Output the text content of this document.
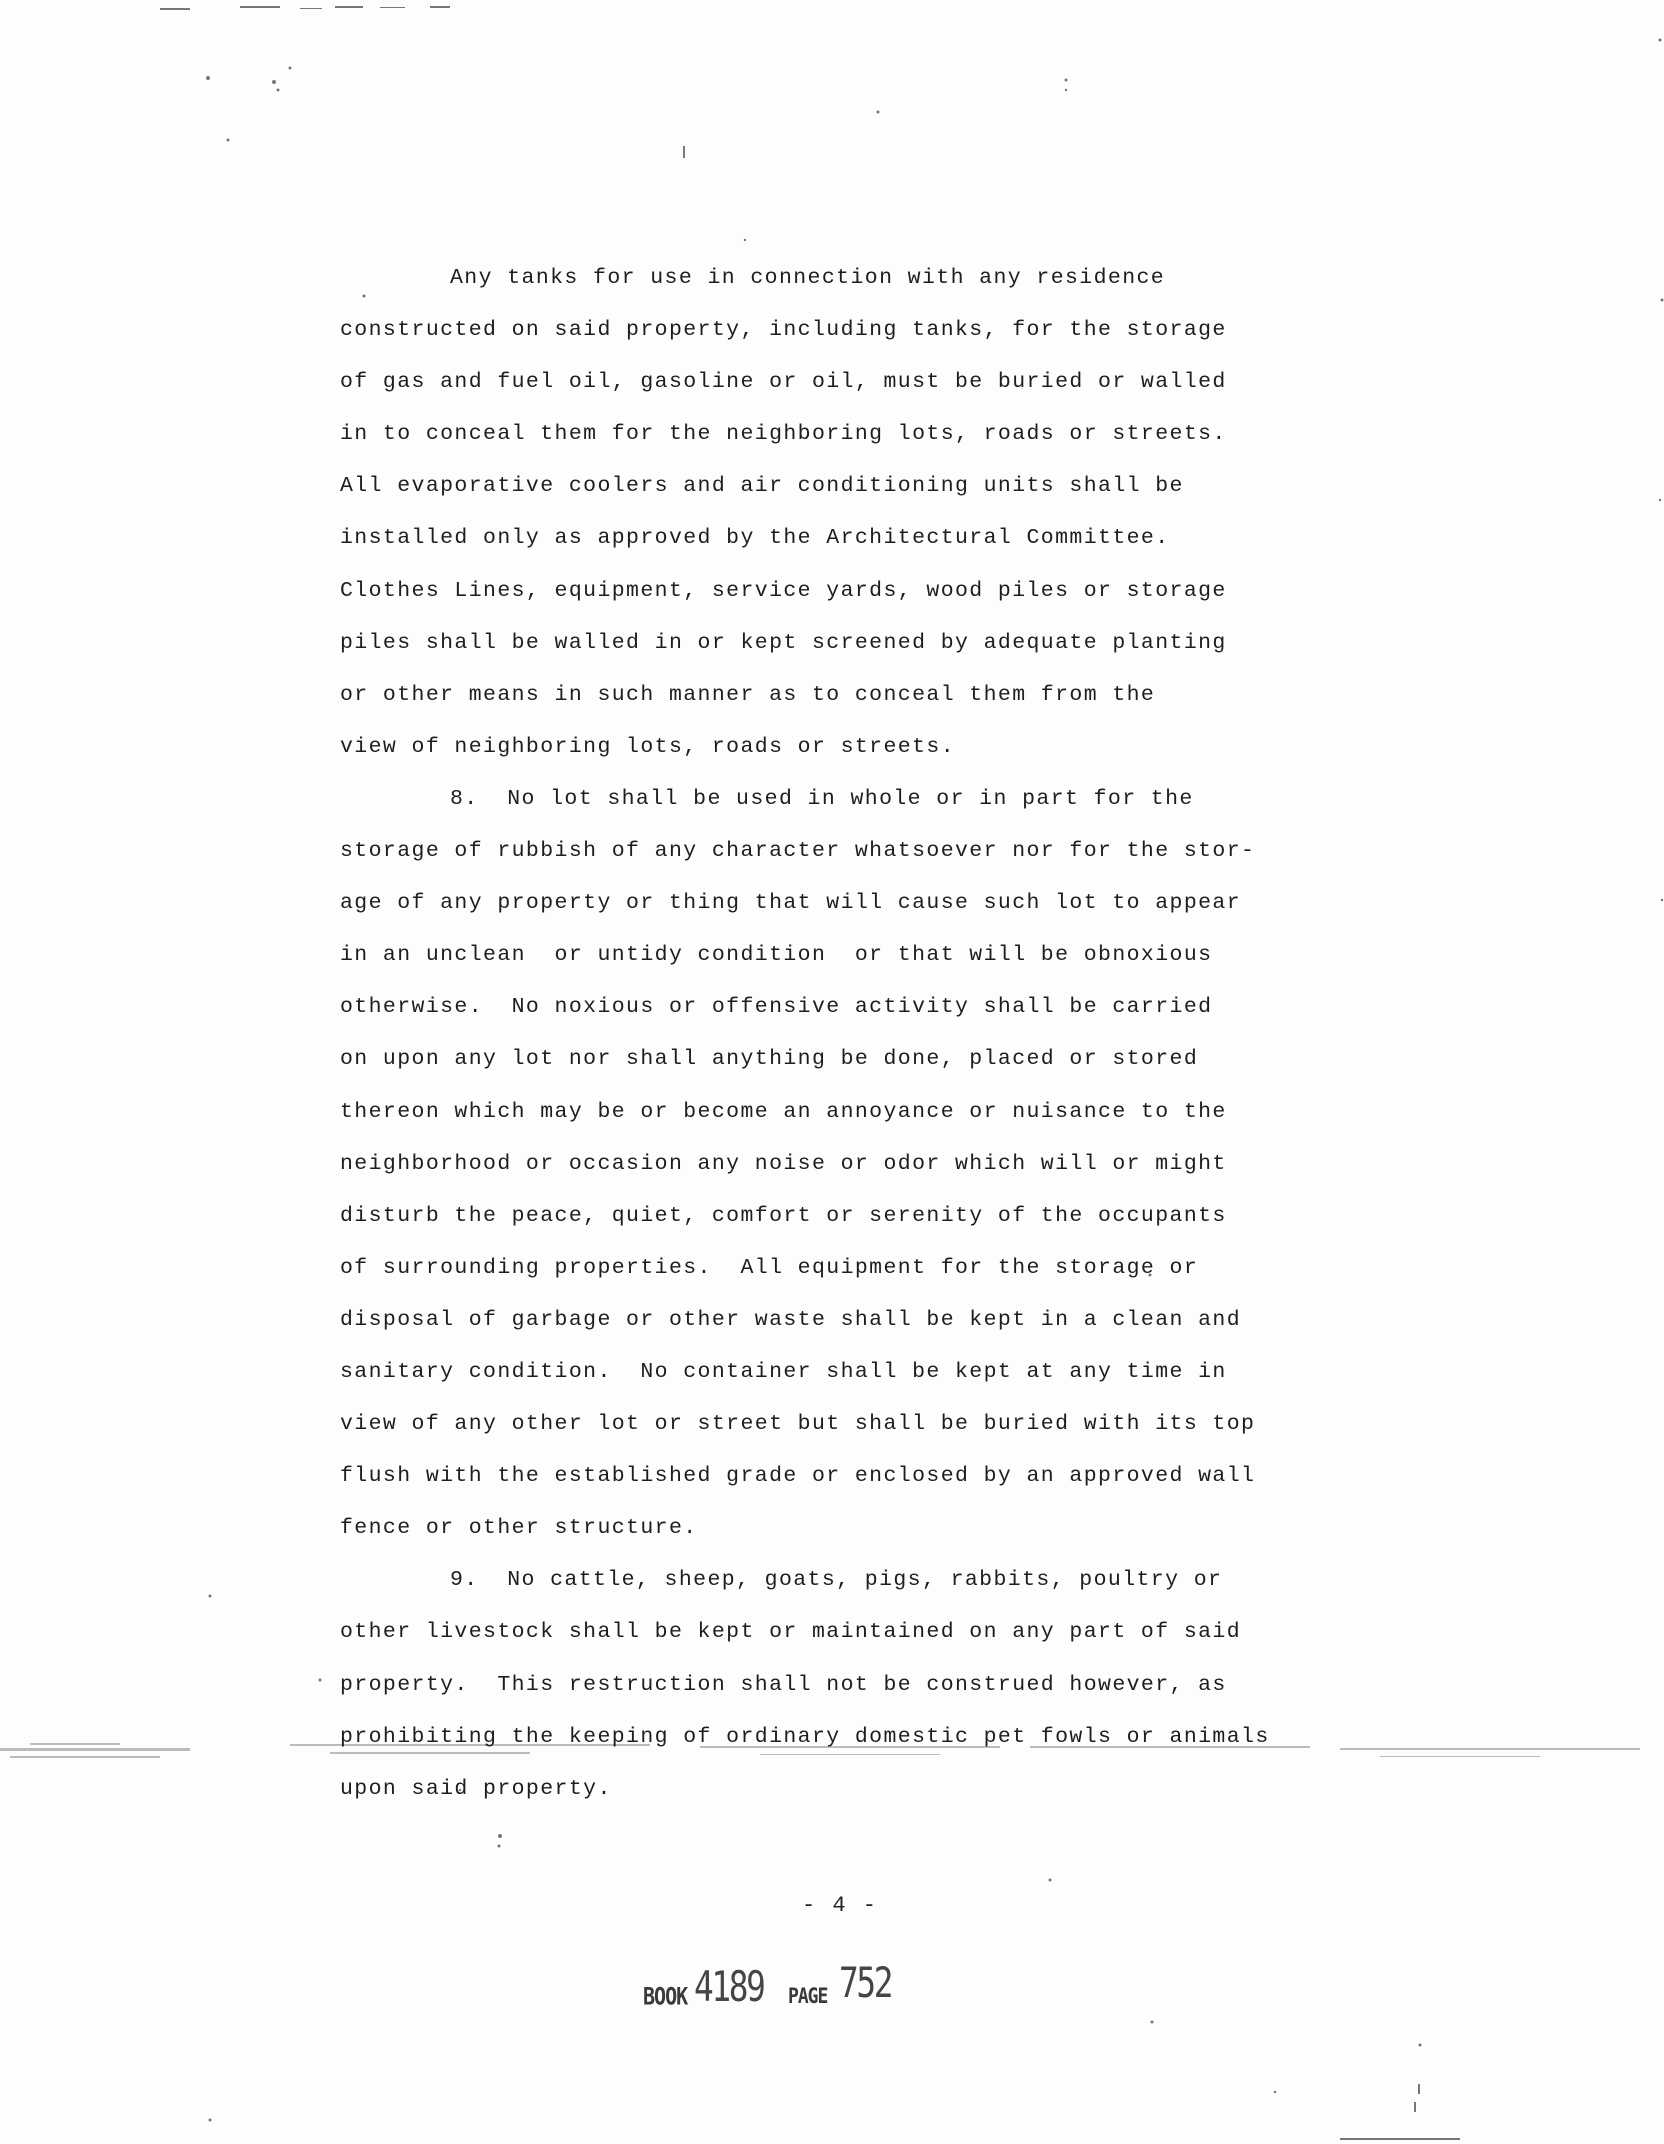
Any tanks for use in connection with any residence
constructed on said property, including tanks, for the storage
of gas and fuel oil, gasoline or oil, must be buried or walled
in to conceal them for the neighboring lots, roads or streets.
All evaporative coolers and air conditioning units shall be
installed only as approved by the Architectural Committee.
Clothes Lines, equipment, service yards, wood piles or storage
piles shall be walled in or kept screened by adequate planting
or other means in such manner as to conceal them from the
view of neighboring lots, roads or streets.
8.  No lot shall be used in whole or in part for the
storage of rubbish of any character whatsoever nor for the stor-
age of any property or thing that will cause such lot to appear
in an unclean  or untidy condition  or that will be obnoxious
otherwise.  No noxious or offensive activity shall be carried
on upon any lot nor shall anything be done, placed or stored
thereon which may be or become an annoyance or nuisance to the
neighborhood or occasion any noise or odor which will or might
disturb the peace, quiet, comfort or serenity of the occupants
of surrounding properties.  All equipment for the storage or
disposal of garbage or other waste shall be kept in a clean and
sanitary condition.  No container shall be kept at any time in
view of any other lot or street but shall be buried with its top
flush with the established grade or enclosed by an approved wall
fence or other structure.
9.  No cattle, sheep, goats, pigs, rabbits, poultry or
other livestock shall be kept or maintained on any part of said
property.  This restruction shall not be construed however, as
prohibiting the keeping of ordinary domestic pet fowls or animals
upon said property.
- 4 -
BOOK 4189 PAGE 752
